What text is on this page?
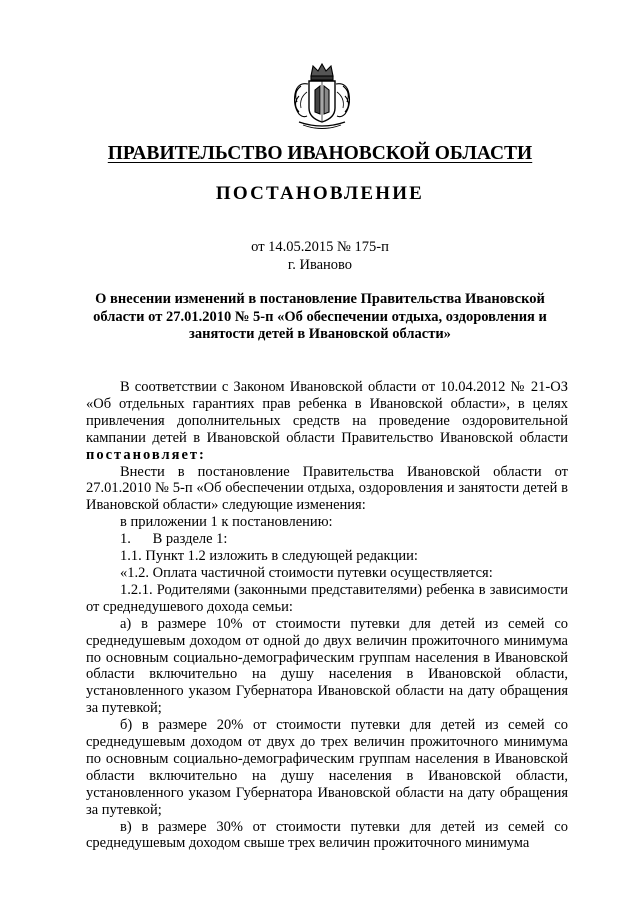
ПРАВИТЕЛЬСТВО ИВАНОВСКОЙ ОБЛАСТИ
ПОСТАНОВЛЕНИЕ
от 14.05.2015 № 175-п
г. Иваново
О внесении изменений в постановление Правительства Ивановской области от 27.01.2010 № 5-п «Об обеспечении отдыха, оздоровления и занятости детей в Ивановской области»

В соответствии с Законом Ивановской области от 10.04.2012 № 21-ОЗ «Об отдельных гарантиях прав ребенка в Ивановской области», в целях привлечения дополнительных средств на проведение оздоровительной кампании детей в Ивановской области Правительство Ивановской области постановляет:

Внести в постановление Правительства Ивановской области от 27.01.2010 № 5-п «Об обеспечении отдыха, оздоровления и занятости детей в Ивановской области» следующие изменения:

в приложении 1 к постановлению:

1.      В разделе 1:

1.1. Пункт 1.2 изложить в следующей редакции:

«1.2. Оплата частичной стоимости путевки осуществляется:

1.2.1. Родителями (законными представителями) ребенка в зависимости от среднедушевого дохода семьи:

а) в размере 10% от стоимости путевки для детей из семей со среднедушевым доходом от одной до двух величин прожиточного минимума по основным социально-демографическим группам населения в Ивановской области включительно на душу населения в Ивановской области, установленного указом Губернатора Ивановской области на дату обращения за путевкой;

б) в размере 20% от стоимости путевки для детей из семей со среднедушевым доходом от двух до трех величин прожиточного минимума по основным социально-демографическим группам населения в Ивановской области включительно на душу населения в Ивановской области, установленного указом Губернатора Ивановской области на дату обращения за путевкой;

в) в размере 30% от стоимости путевки для детей из семей со среднедушевым доходом свыше трех величин прожиточного минимума
